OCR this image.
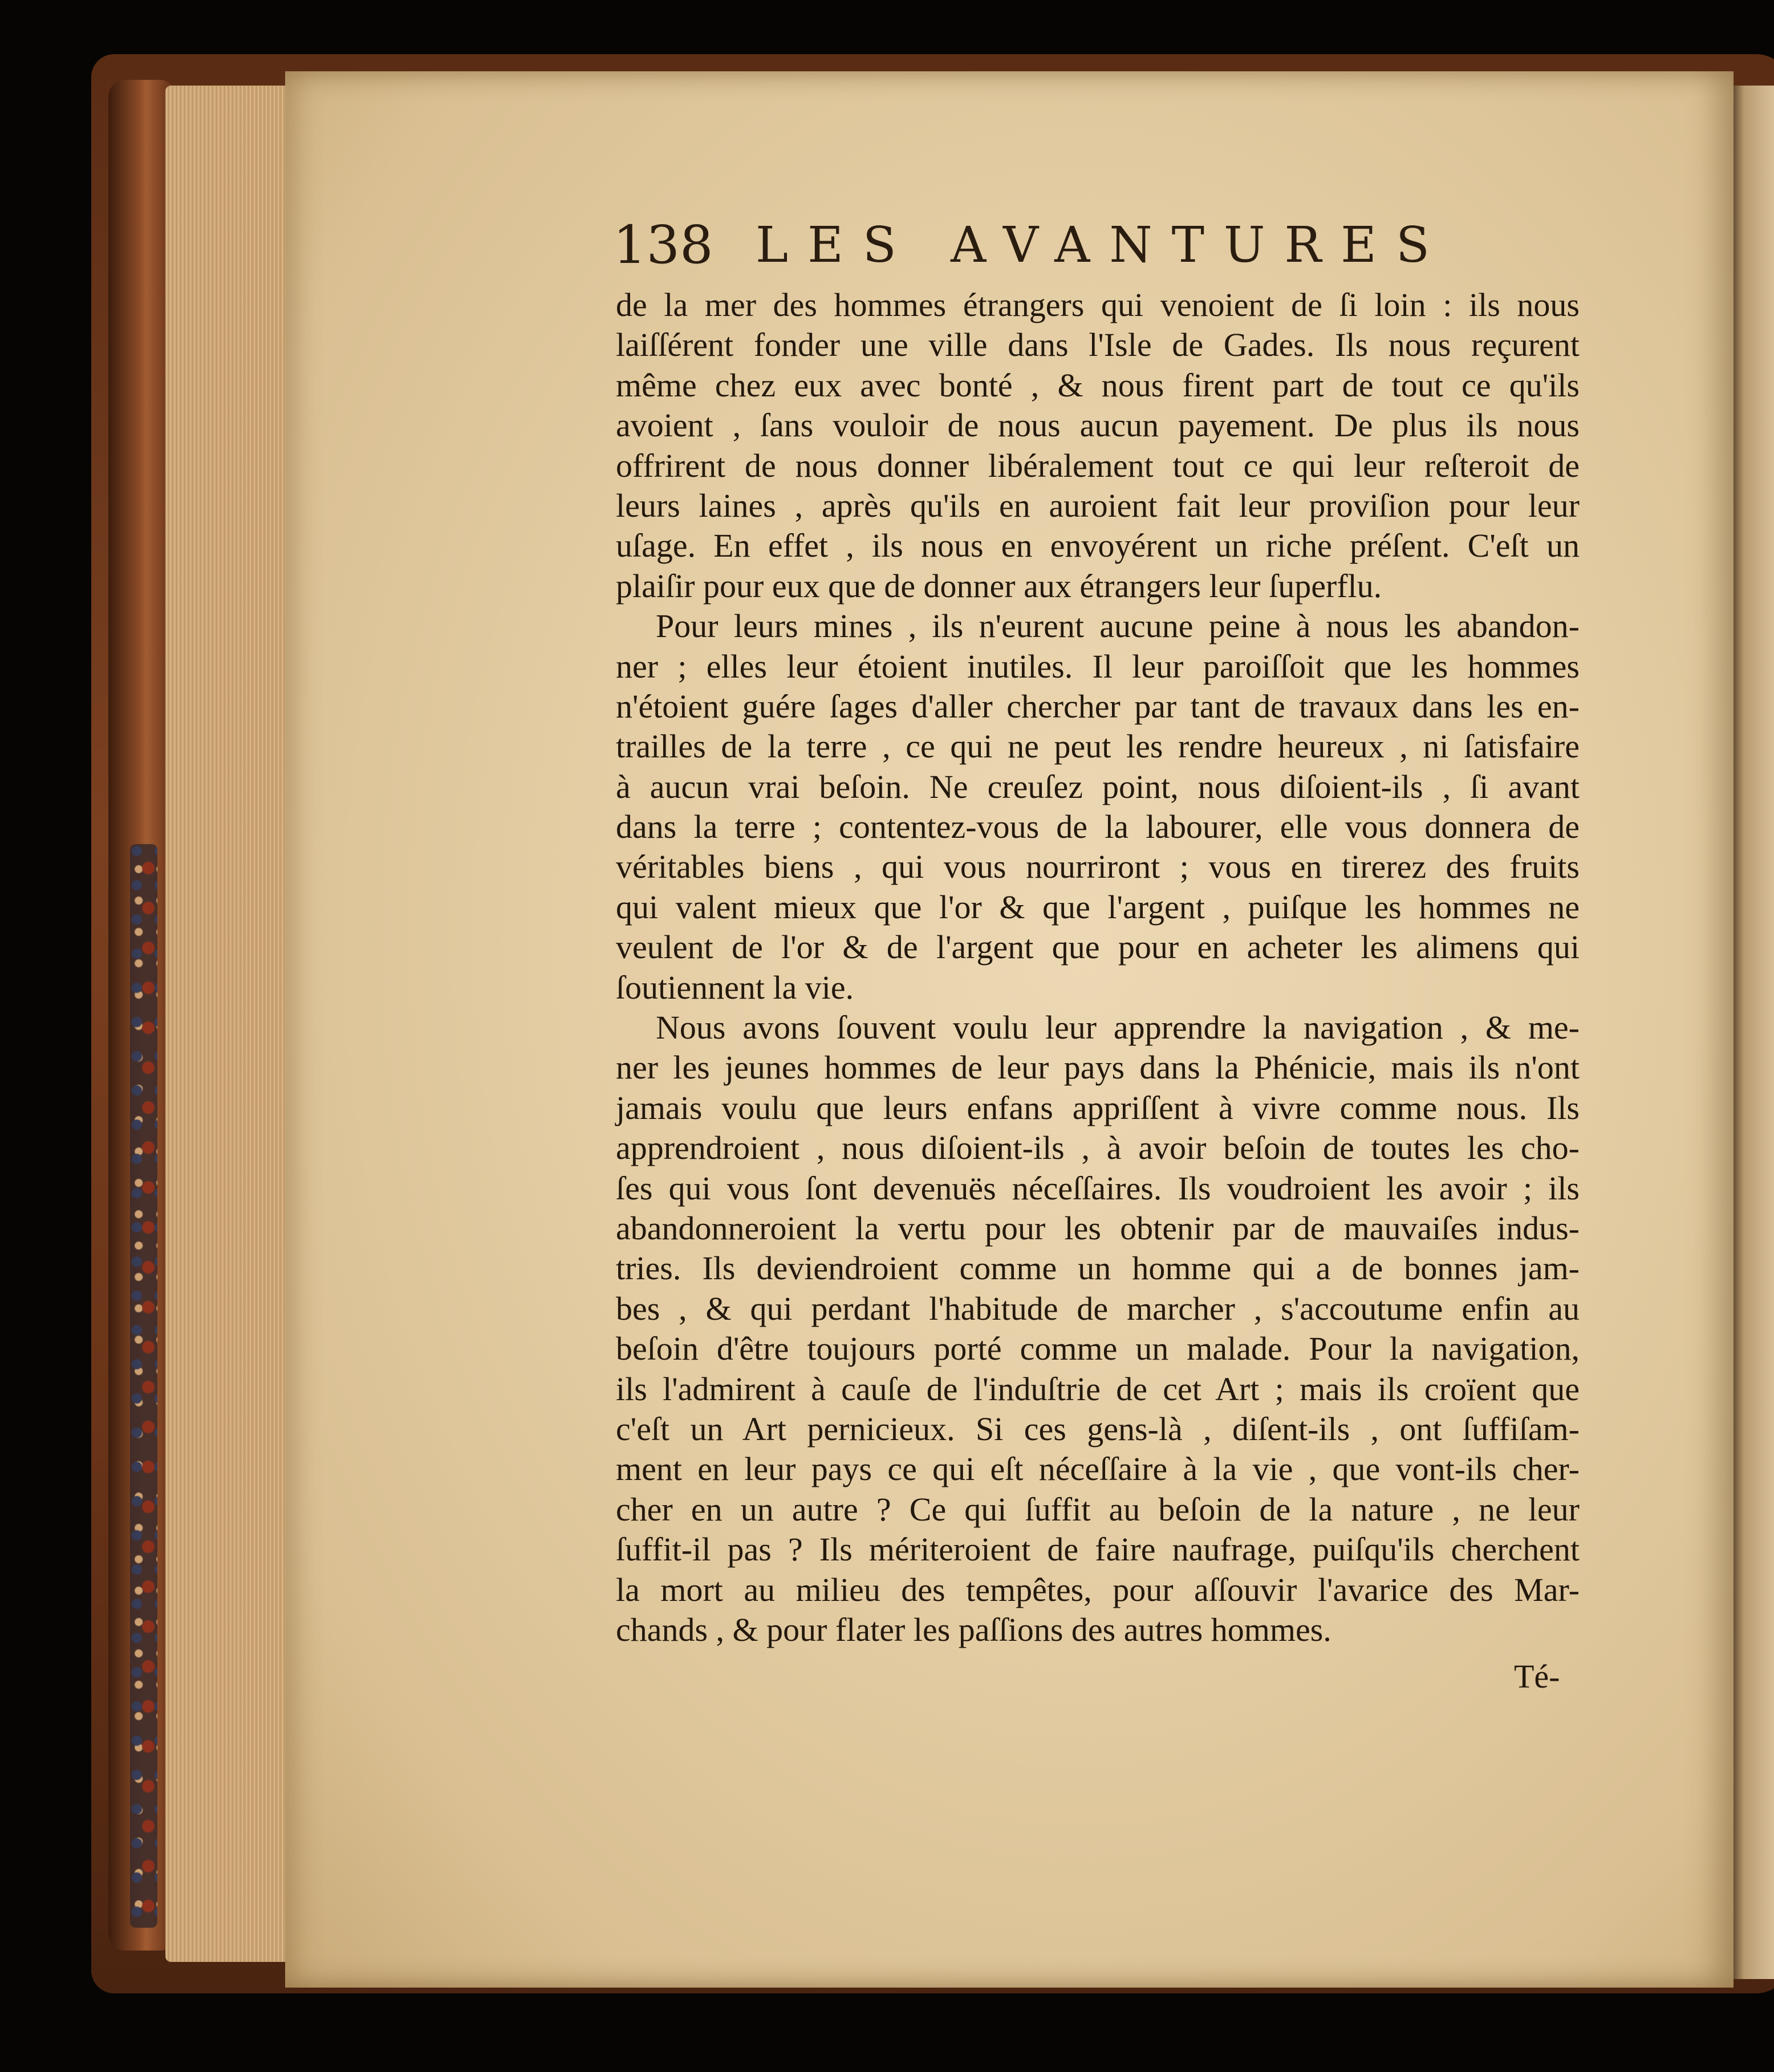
138 LES AVANTURES
de la mer des hommes étrangers qui venoient de ſi loin : ils nous
laiſſérent fonder une ville dans l'Isle de Gades. Ils nous reçurent
même chez eux avec bonté , & nous firent part de tout ce qu'ils
avoient , ſans vouloir de nous aucun payement. De plus ils nous
offrirent de nous donner libéralement tout ce qui leur reſteroit de
leurs laines , après qu'ils en auroient fait leur proviſion pour leur
uſage. En effet , ils nous en envoyérent un riche préſent. C'eſt un
plaiſir pour eux que de donner aux étrangers leur ſuperflu.
Pour leurs mines , ils n'eurent aucune peine à nous les abandon-
ner ; elles leur étoient inutiles. Il leur paroiſſoit que les hommes
n'étoient guére ſages d'aller chercher par tant de travaux dans les en-
trailles de la terre , ce qui ne peut les rendre heureux , ni ſatisfaire
à aucun vrai beſoin. Ne creuſez point, nous diſoient-ils , ſi avant
dans la terre ; contentez-vous de la labourer, elle vous donnera de
véritables biens , qui vous nourriront ; vous en tirerez des fruits
qui valent mieux que l'or & que l'argent , puiſque les hommes ne
veulent de l'or & de l'argent que pour en acheter les alimens qui
ſoutiennent la vie.
Nous avons ſouvent voulu leur apprendre la navigation , & me-
ner les jeunes hommes de leur pays dans la Phénicie, mais ils n'ont
jamais voulu que leurs enfans appriſſent à vivre comme nous. Ils
apprendroient , nous diſoient-ils , à avoir beſoin de toutes les cho-
ſes qui vous ſont devenuës néceſſaires. Ils voudroient les avoir ; ils
abandonneroient la vertu pour les obtenir par de mauvaiſes indus-
tries. Ils deviendroient comme un homme qui a de bonnes jam-
bes , & qui perdant l'habitude de marcher , s'accoutume enfin au
beſoin d'être toujours porté comme un malade. Pour la navigation,
ils l'admirent à cauſe de l'induſtrie de cet Art ; mais ils croïent que
c'eſt un Art pernicieux. Si ces gens-là , diſent-ils , ont ſuffiſam-
ment en leur pays ce qui eſt néceſſaire à la vie , que vont-ils cher-
cher en un autre ? Ce qui ſuffit au beſoin de la nature , ne leur
ſuffit-il pas ? Ils mériteroient de faire naufrage, puiſqu'ils cherchent
la mort au milieu des tempêtes, pour aſſouvir l'avarice des Mar-
chands , & pour flater les paſſions des autres hommes.
Té-
